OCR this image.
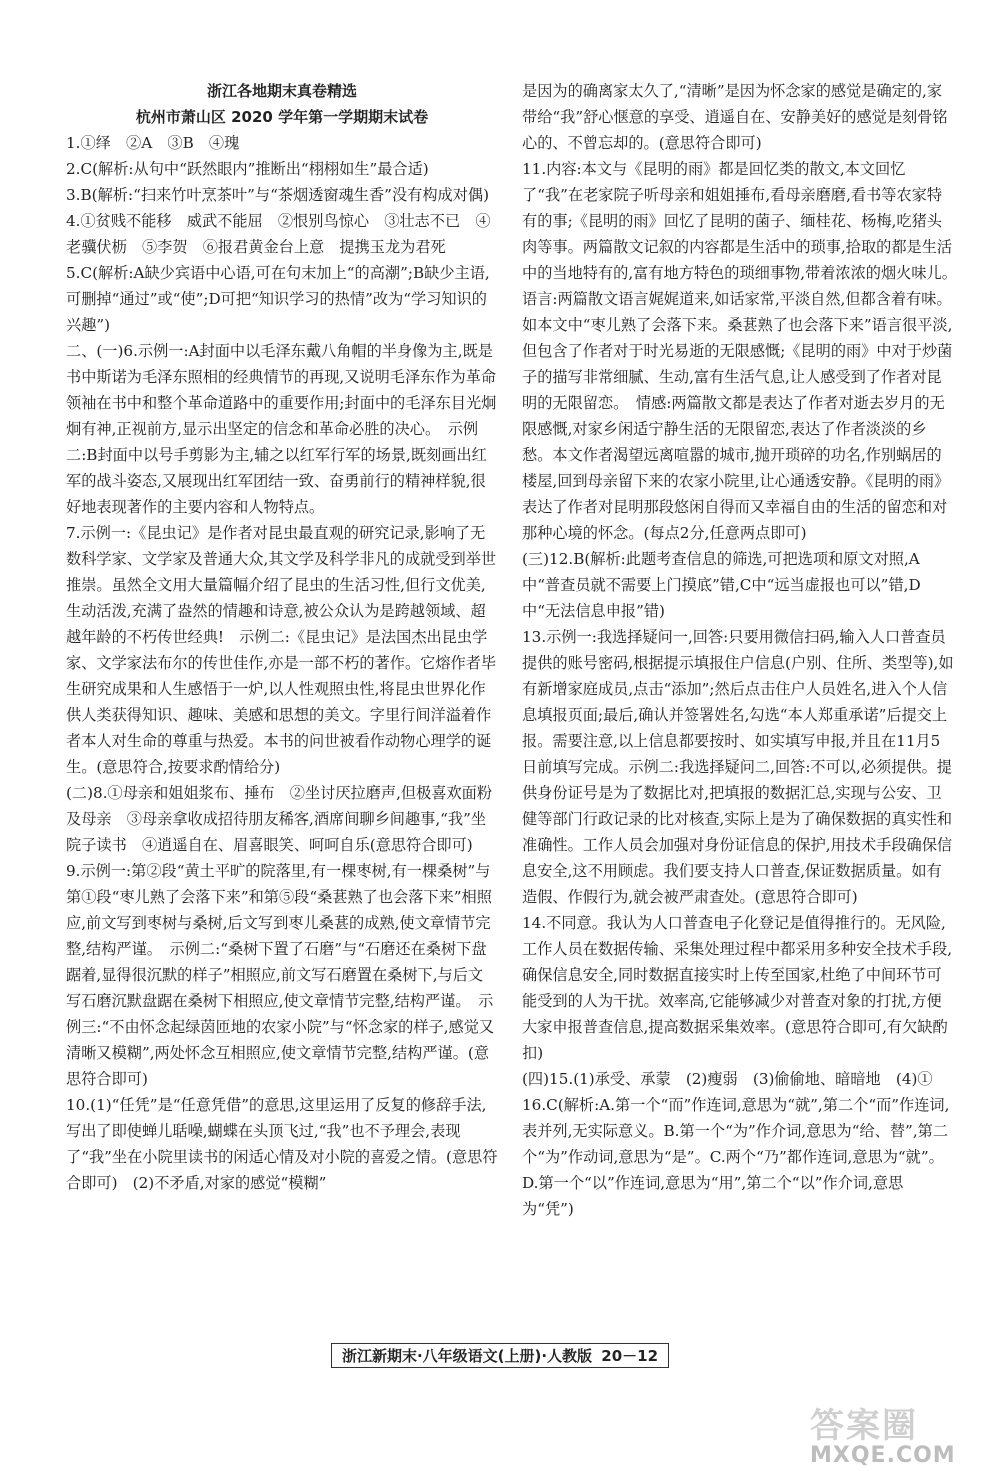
浙江各地期末真卷精选
杭州市萧山区 2020 学年第一学期期末试卷

1.①绎　②A　③B　④瑰

2.C(解析:从句中“跃然眼内”推断出“栩栩如生”最合适)

3.B(解析:“扫来竹叶烹茶叶”与“茶烟透窗魂生香”没有构成对偶)

4.①贫贱不能移　威武不能屈　②恨别鸟惊心　③壮志不已　④老骥伏枥　⑤李贺　⑥报君黄金台上意　提携玉龙为君死

5.C(解析:A缺少宾语中心语,可在句末加上“的高潮”;B缺少主语,可删掉“通过”或“使”;D可把“知识学习的热情”改为“学习知识的兴趣”)

二、(一)6.示例一:A封面中以毛泽东戴八角帽的半身像为主,既是书中斯诺为毛泽东照相的经典情节的再现,又说明毛泽东作为革命领袖在书中和整个革命道路中的重要作用;封面中的毛泽东目光炯炯有神,正视前方,显示出坚定的信念和革命必胜的决心。　示例二:B封面中以号手剪影为主,辅之以红军行军的场景,既刻画出红军的战斗姿态,又展现出红军团结一致、奋勇前行的精神样貌,很好地表现著作的主要内容和人物特点。

7.示例一:《昆虫记》是作者对昆虫最直观的研究记录,影响了无数科学家、文学家及普通大众,其文学及科学非凡的成就受到举世推崇。虽然全文用大量篇幅介绍了昆虫的生活习性,但行文优美,生动活泼,充满了盎然的情趣和诗意,被公众认为是跨越领域、超越年龄的不朽传世经典!　示例二:《昆虫记》是法国杰出昆虫学家、文学家法布尔的传世佳作,亦是一部不朽的著作。它熔作者毕生研究成果和人生感悟于一炉,以人性观照虫性,将昆虫世界化作供人类获得知识、趣味、美感和思想的美文。字里行间洋溢着作者本人对生命的尊重与热爱。本书的问世被看作动物心理学的诞生。(意思符合,按要求酌情给分)

(二)8.①母亲和姐姐浆布、捶布　②坐讨厌拉磨声,但极喜欢面粉及母亲　③母亲拿收成招待朋友稀客,酒席间聊乡间趣事,“我”坐院子读书　④逍遥自在、眉喜眼笑、呵呵自乐(意思符合即可)

9.示例一:第②段“黄土平旷的院落里,有一棵枣树,有一棵桑树”与第①段“枣儿熟了会落下来”和第⑤段“桑葚熟了也会落下来”相照应,前文写到枣树与桑树,后文写到枣儿桑葚的成熟,使文章情节完整,结构严谨。　示例二:“桑树下置了石磨”与“石磨还在桑树下盘踞着,显得很沉默的样子”相照应,前文写石磨置在桑树下,与后文写石磨沉默盘踞在桑树下相照应,使文章情节完整,结构严谨。　示例三:“不由怀念起绿茵匝地的农家小院”与“怀念家的样子,感觉又清晰又模糊”,两处怀念互相照应,使文章情节完整,结构严谨。(意思符合即可)

10.(1)“任凭”是“任意凭借”的意思,这里运用了反复的修辞手法,写出了即使蝉儿聒噪,蝴蝶在头顶飞过,“我”也不予理会,表现了“我”坐在小院里读书的闲适心情及对小院的喜爱之情。(意思符合即可)　(2)不矛盾,对家的感觉“模糊”

是因为的确离家太久了,“清晰”是因为怀念家的感觉是确定的,家带给“我”舒心惬意的享受、逍遥自在、安静美好的感觉是刻骨铭心的、不曾忘却的。(意思符合即可)

11.内容:本文与《昆明的雨》都是回忆类的散文,本文回忆了“我”在老家院子听母亲和姐姐捶布,看母亲磨磨,看书等农家特有的事;《昆明的雨》回忆了昆明的菌子、缅桂花、杨梅,吃猪头肉等事。两篇散文记叙的内容都是生活中的琐事,拾取的都是生活中的当地特有的,富有地方特色的琐细事物,带着浓浓的烟火味儿。　语言:两篇散文语言娓娓道来,如话家常,平淡自然,但都含着有味。如本文中“枣儿熟了会落下来。桑葚熟了也会落下来”语言很平淡,但包含了作者对于时光易逝的无限感慨;《昆明的雨》中对于炒菌子的描写非常细腻、生动,富有生活气息,让人感受到了作者对昆明的无限留恋。　情感:两篇散文都是表达了作者对逝去岁月的无限感慨,对家乡闲适宁静生活的无限留恋,表达了作者淡淡的乡愁。本文作者渴望远离喧嚣的城市,抛开琐碎的功名,作别蜗居的楼屋,回到母亲留下来的农家小院里,让心通透安静。《昆明的雨》表达了作者对昆明那段悠闲自得而又幸福自由的生活的留恋和对那种心境的怀念。(每点2分,任意两点即可)

(三)12.B(解析:此题考查信息的筛选,可把选项和原文对照,A中“普查员就不需要上门摸底”错,C中“远当虚报也可以”错,D中“无法信息申报”错)

13.示例一:我选择疑问一,回答:只要用微信扫码,输入人口普查员提供的账号密码,根据提示填报住户信息(户别、住所、类型等),如有新增家庭成员,点击“添加”;然后点击住户人员姓名,进入个人信息填报页面;最后,确认并签署姓名,勾选“本人郑重承诺”后提交上报。需要注意,以上信息都要按时、如实填写申报,并且在11月5日前填写完成。示例二:我选择疑问二,回答:不可以,必须提供。提供身份证号是为了数据比对,把填报的数据汇总,实现与公安、卫健等部门行政记录的比对核查,实际上是为了确保数据的真实性和准确性。工作人员会加强对身份证信息的保护,用技术手段确保信息安全,这不用顾虑。我们要支持人口普查,保证数据质量。如有造假、作假行为,就会被严肃查处。(意思符合即可)

14.不同意。我认为人口普查电子化登记是值得推行的。无风险,工作人员在数据传输、采集处理过程中都采用多种安全技术手段,确保信息安全,同时数据直接实时上传至国家,杜绝了中间环节可能受到的人为干扰。效率高,它能够减少对普查对象的打扰,方便大家申报普查信息,提高数据采集效率。(意思符合即可,有欠缺酌扣)

(四)15.(1)承受、承蒙　(2)瘦弱　(3)偷偷地、暗暗地　(4)①

16.C(解析:A.第一个“而”作连词,意思为“就”,第二个“而”作连词,表并列,无实际意义。B.第一个“为”作介词,意思为“给、替”,第二个“为”作动词,意思为“是”。C.两个“乃”都作连词,意思为“就”。D.第一个“以”作连词,意思为“用”,第二个“以”作介词,意思为“凭”)

浙江新期末·八年级语文(上册)·人教版 20－12
答案圈
MXQE.COM
